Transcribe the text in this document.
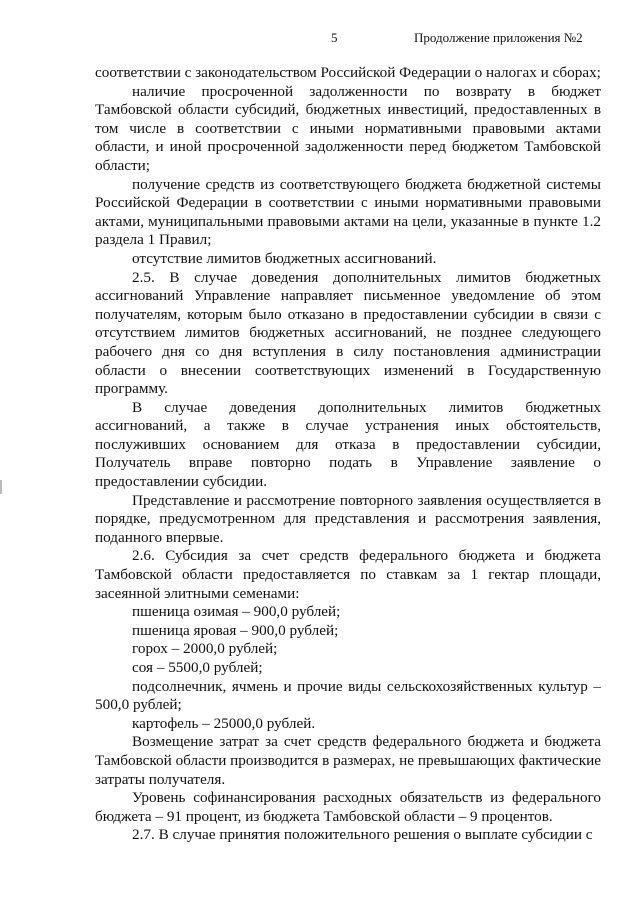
5	Продолжение приложения №2

соответствии с законодательством Российской Федерации о налогах и сборах;

наличие просроченной задолженности по возврату в бюджет Тамбовской области субсидий, бюджетных инвестиций, предоставленных в том числе в соответствии с иными нормативными правовыми актами области, и иной просроченной задолженности перед бюджетом Тамбовской области;

получение средств из соответствующего бюджета бюджетной системы Российской Федерации в соответствии с иными нормативными правовыми актами, муниципальными правовыми актами на цели, указанные в пункте 1.2 раздела 1 Правил;

отсутствие лимитов бюджетных ассигнований.

2.5. В случае доведения дополнительных лимитов бюджетных ассигнований Управление направляет письменное уведомление об этом получателям, которым было отказано в предоставлении субсидии в связи с отсутствием лимитов бюджетных ассигнований, не позднее следующего рабочего дня со дня вступления в силу постановления администрации области о внесении соответствующих изменений в Государственную программу.

В случае доведения дополнительных лимитов бюджетных ассигнований, а также в случае устранения иных обстоятельств, послуживших основанием для отказа в предоставлении субсидии, Получатель вправе повторно подать в Управление заявление о предоставлении субсидии.

Представление и рассмотрение повторного заявления осуществляется в порядке, предусмотренном для представления и рассмотрения заявления, поданного впервые.

2.6. Субсидия за счет средств федерального бюджета и бюджета Тамбовской области предоставляется по ставкам за 1 гектар площади, засеянной элитными семенами:

пшеница озимая – 900,0 рублей;

пшеница яровая – 900,0 рублей;

горох – 2000,0 рублей;

соя – 5500,0 рублей;

подсолнечник, ячмень и прочие виды сельскохозяйственных культур – 500,0 рублей;

картофель – 25000,0 рублей.

Возмещение затрат за счет средств федерального бюджета и бюджета Тамбовской области производится в размерах, не превышающих фактические затраты получателя.

Уровень софинансирования расходных обязательств из федерального бюджета – 91 процент, из бюджета Тамбовской области – 9 процентов.

2.7. В случае принятия положительного решения о выплате субсидии с
